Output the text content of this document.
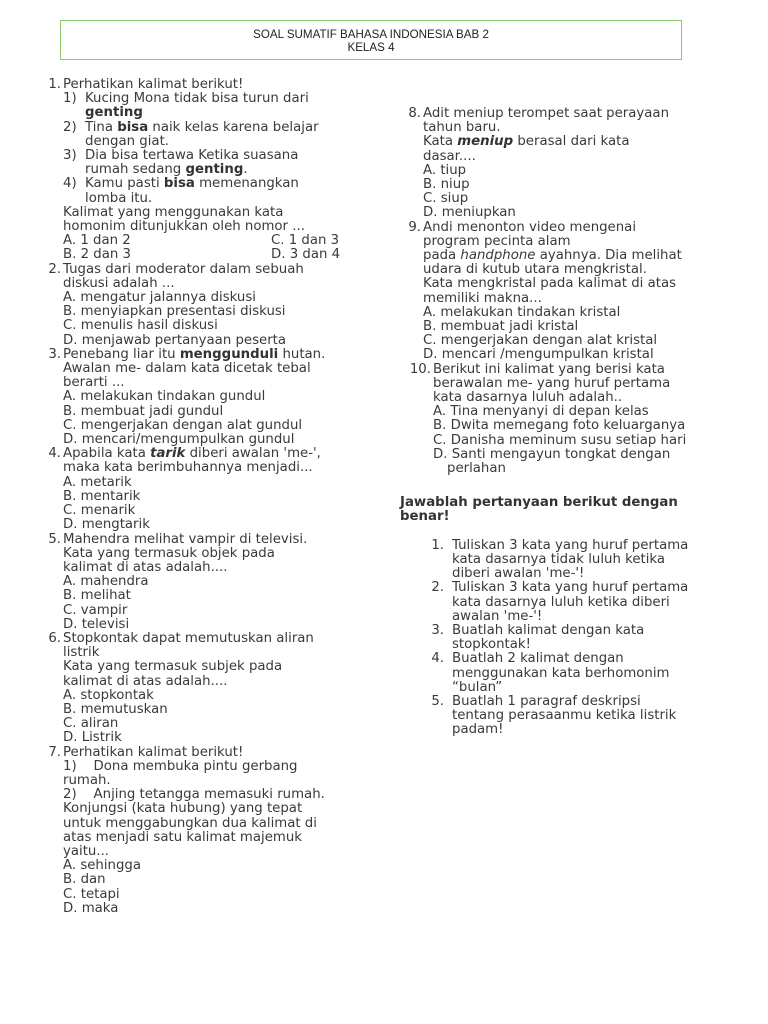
SOAL SUMATIF BAHASA INDONESIA BAB 2
KELAS 4
1. Perhatikan kalimat berikut!
1) Kucing Mona tidak bisa turun dari
genting
2) Tina bisa naik kelas karena belajar
dengan giat.
3) Dia bisa tertawa Ketika suasana
rumah sedang genting.
4) Kamu pasti bisa memenangkan
lomba itu.
Kalimat yang menggunakan kata
homonim ditunjukkan oleh nomor ...
A. 1 dan 2	C. 1 dan 3
B. 2 dan 3	D. 3 dan 4
2. Tugas dari moderator dalam sebuah
diskusi adalah ...
A. mengatur jalannya diskusi
B. menyiapkan presentasi diskusi
C. menulis hasil diskusi
D. menjawab pertanyaan peserta
3. Penebang liar itu menggunduli hutan.
Awalan me- dalam kata dicetak tebal
berarti ...
A. melakukan tindakan gundul
B. membuat jadi gundul
C. mengerjakan dengan alat gundul
D. mencari/mengumpulkan gundul
4. Apabila kata tarik diberi awalan 'me-',
maka kata berimbuhannya menjadi...
A. metarik
B. mentarik
C. menarik
D. mengtarik
5. Mahendra melihat vampir di televisi.
Kata yang termasuk objek pada
kalimat di atas adalah....
A. mahendra
B. melihat
C. vampir
D. televisi
6. Stopkontak dapat memutuskan aliran
listrik
Kata yang termasuk subjek pada
kalimat di atas adalah....
A. stopkontak
B. memutuskan
C. aliran
D. Listrik
7. Perhatikan kalimat berikut!
1)    Dona membuka pintu gerbang
rumah.
2)    Anjing tetangga memasuki rumah.
Konjungsi (kata hubung) yang tepat
untuk menggabungkan dua kalimat di
atas menjadi satu kalimat majemuk
yaitu...
A. sehingga
B. dan
C. tetapi
D. maka
8. Adit meniup terompet saat perayaan
tahun baru.
Kata meniup berasal dari kata
dasar....
A. tiup
B. niup
C. siup
D. meniupkan
9. Andi menonton video mengenai
program pecinta alam
pada handphone ayahnya. Dia melihat
udara di kutub utara mengkristal.
Kata mengkristal pada kalimat di atas
memiliki makna...
A. melakukan tindakan kristal
B. membuat jadi kristal
C. mengerjakan dengan alat kristal
D. mencari /mengumpulkan kristal
10. Berikut ini kalimat yang berisi kata
berawalan me- yang huruf pertama
kata dasarnya luluh adalah..
A. Tina menyanyi di depan kelas
B. Dwita memegang foto keluarganya
C. Danisha meminum susu setiap hari
D. Santi mengayun tongkat dengan
perlahan
Jawablah pertanyaan berikut dengan
benar!
1. Tuliskan 3 kata yang huruf pertama
kata dasarnya tidak luluh ketika
diberi awalan 'me-'!
2. Tuliskan 3 kata yang huruf pertama
kata dasarnya luluh ketika diberi
awalan 'me-'!
3. Buatlah kalimat dengan kata
stopkontak!
4. Buatlah 2 kalimat dengan
menggunakan kata berhomonim
“bulan”
5. Buatlah 1 paragraf deskripsi
tentang perasaanmu ketika listrik
padam!
